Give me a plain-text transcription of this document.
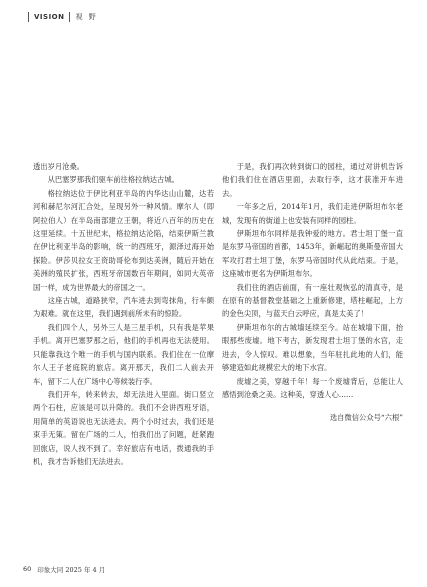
VISION 视 野

透出岁月沧桑。

从巴塞罗那我们驱车前往格拉纳达古城。

格拉纳达位于伊比利亚半岛的内华达山山麓，达若河和赫尼尔河汇合处，呈现另外一种风情。摩尔人（即阿拉伯人）在半岛南部建立王朝，将近八百年的历史在这里延续。十五世纪末，格拉纳达沦陷，结束伊斯兰教在伊比利亚半岛的影响，统一的西班牙，源泽过海开始探险。伊莎贝拉女王资助哥伦布到达美洲，随后开始在美洲的殖民扩张，西班牙帝国数百年期间，如同大英帝国一样，成为世界最大的帝国之一。

这座古城，道路狭窄，汽车进去到弯抹角，行车颇为艰难。就在这里，我们遇到前所未有的惊险。

我们四个人，另外三人是三星手机，只有我是苹果手机。离开巴塞罗那之后，他们的手机再也无法使用。只能靠我这个唯一的手机与国内联系。我们住在一位摩尔人王子老庭院的旅店。离开那天，我们二人前去开车，留下二人在广场中心等候装行李。

我们开车，转来转去，却无法进入里面。街口竖立两个石柱，应该是可以升降的。我们不会讲西班牙语，用简单的英语说也无法进去。两个小时过去，我们还是束手无策。留在广场的二人，怕我们出了问题，赶紧跑回旅店，说人找不到了。幸好旅店有电话，拨通我的手机，我才告诉他们无法进去。

于是，我们再次转到街口的园柱，通过对讲机告诉他们我们住在酒店里面，去取行李，这才获准开车进去。

一年多之后，2014年1月，我们走进伊斯坦布尔老城，发现有的街道上也安装有同样的园柱。

伊斯坦布尔同样是我钟爱的地方。君士坦丁堡一直是东罗马帝国的首都，1453年，新崛起的奥斯曼帝国大军攻打君士坦丁堡，东罗马帝国时代从此结束。于是，这座城市更名为伊斯坦布尔。

我们住的酒店前面，有一座壮观恢弘的清真寺，是在原有的基督教堂基础之上重新修建，塔柱崛起，上方的金色尖顶，与蓝天白云呼应，真是太美了！

伊斯坦布尔的古城墙延续至今。站在城墙下面，抬眼那些废墟。地下考古，新发现君士坦丁堡的水宫，走进去，令人惊叹。难以想象，当年驻扎此地的人们，能够建造如此规模宏大的地下水宫。

废墟之美，穿越千年！每一个废墟背后，总能让人感悟到沧桑之美。这种美，穿透人心……

选自微信公众号“六根”

60 印象大同 2025 年 4 月
